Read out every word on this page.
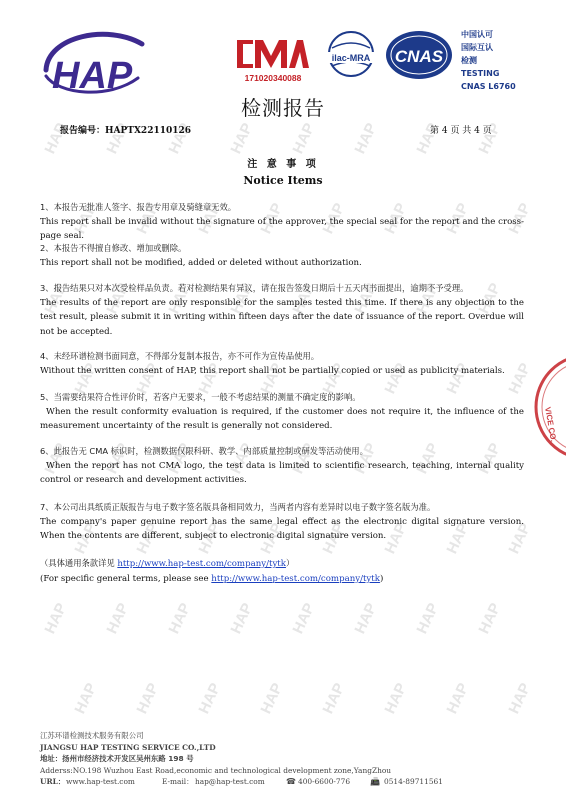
HAP HAP HAP HAP HAP HAP HAP HAP
HAP HAP HAP HAP HAP HAP HAP HAP
HAP HAP HAP HAP HAP HAP HAP HAP
HAP HAP HAP HAP HAP HAP HAP HAP
HAP HAP HAP HAP HAP HAP HAP HAP
HAP HAP HAP HAP HAP HAP HAP HAP
HAP HAP HAP HAP HAP HAP HAP HAP
HAP HAP HAP HAP HAP HAP HAP HAP
HAP	171020340088
ilac-MRA CNAS
中国认可
国际互认
检测
TESTING
CNAS L6760
检测报告
报告编号：HAPTX22110126	第 4 页 共 4 页
注 意 事 项
Notice Items
1、本报告无批准人签字、报告专用章及骑缝章无效。
This report shall be invalid without the signature of the approver, the special seal for the report and the cross-page seal.
2、本报告不得擅自修改、增加或删除。
This report shall not be modified, added or deleted without authorization.
3、报告结果只对本次受检样品负责。若对检测结果有异议，请在报告签发日期后十五天内书面提出，逾期不予受理。
The results of the report are only responsible for the samples tested this time. If there is any objection to the test result, please submit it in writing within fifteen days after the date of issuance of the report. Overdue will not be accepted.
4、未经环谱检测书面同意，不得部分复制本报告，亦不可作为宣传品使用。
Without the written consent of HAP, this report shall not be partially copied or used as publicity materials.
5、当需要结果符合性评价时，若客户无要求，一般不考虑结果的测量不确定度的影响。
When the result conformity evaluation is required, if the customer does not require it, the influence of the measurement uncertainty of the result is generally not considered.
6、此报告无 CMA 标识时，检测数据仅限科研、教学、内部质量控制或研发等活动使用。
When the report has not CMA logo, the test data is limited to scientific research, teaching, internal quality control or research and development activities.
7、本公司出具纸质正版报告与电子数字签名版具备相同效力，当两者内容有差异时以电子数字签名版为准。
The company's paper genuine report has the same legal effect as the electronic digital signature version. When the contents are different, subject to electronic digital signature version.
（具体通用条款详见 http://www.hap-test.com/company/tytk）
(For specific general terms, please see http://www.hap-test.com/company/tytk)
VICE CO.
江苏环谱检测技术服务有限公司
JIANGSU HAP TESTING SERVICE CO.,LTD
地址：扬州市经济技术开发区吴州东路 198 号
Adderss:NO.198 Wuzhou East Road,economic and technological development zone,YangZhou
URL： www.hap-test.com	E-mail： hap@hap-test.com	☎ 400-6600-776 📠 0514-89711561
